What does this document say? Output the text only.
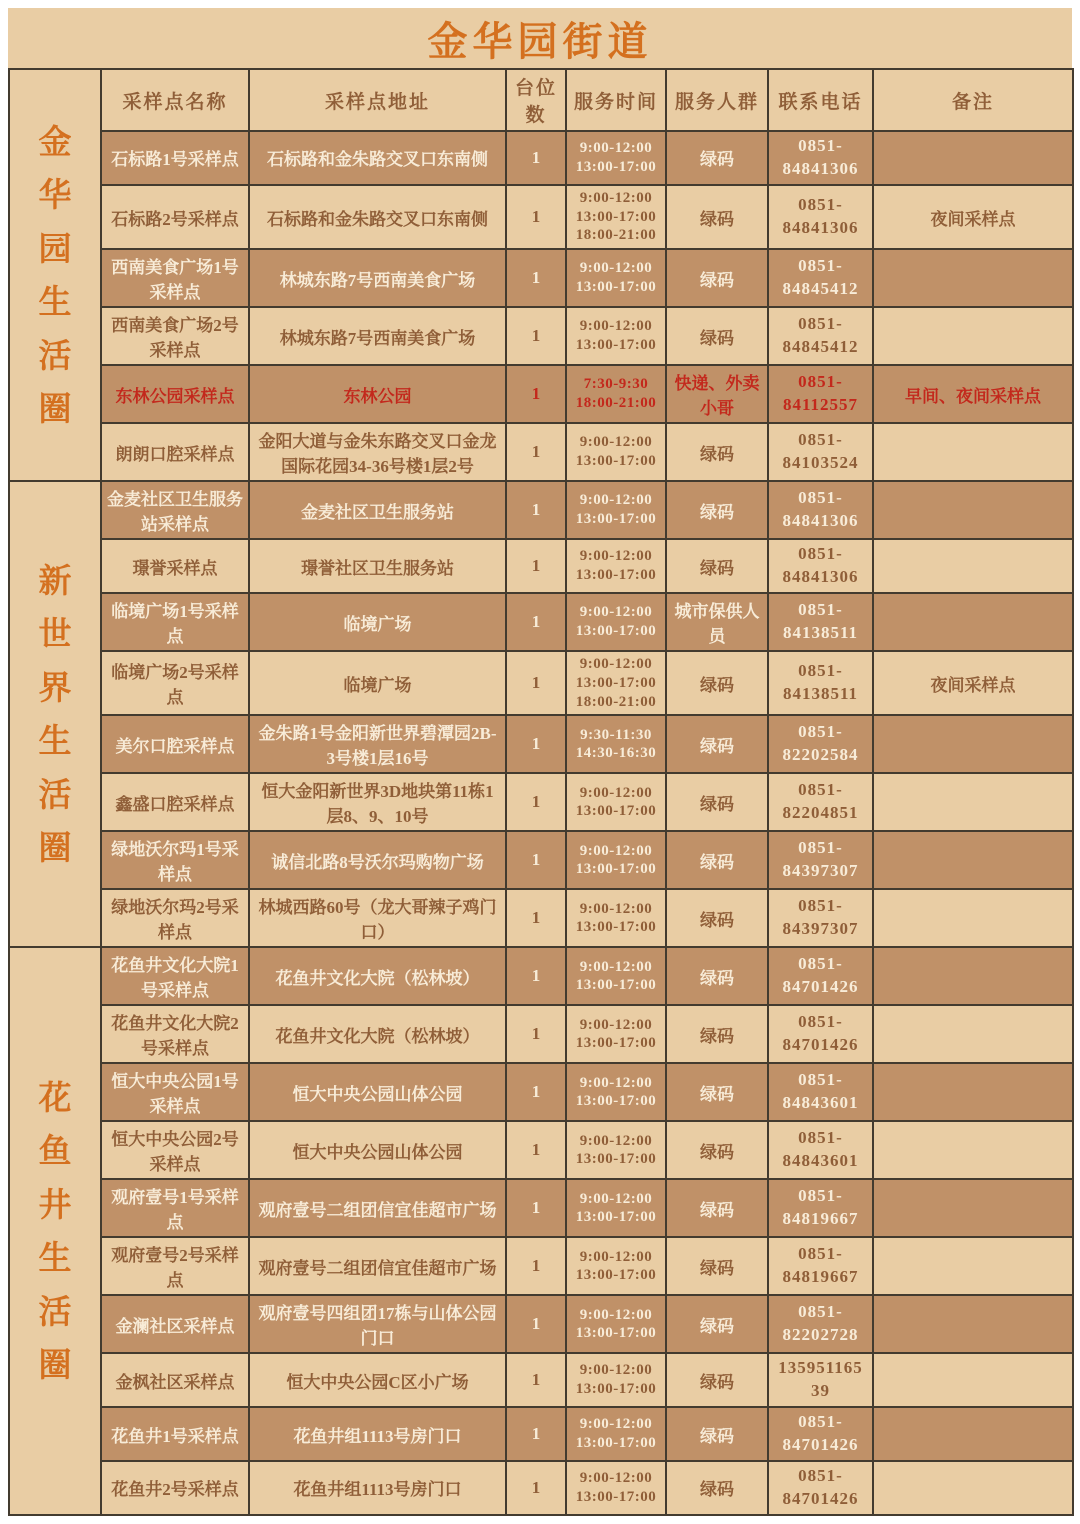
金华园街道
金华园生活圈	采样点名称	采样点地址	台位数	服务时间	服务人群	联系电话	备注
	石标路1号采样点	石标路和金朱路交叉口东南侧	1	9:00-12:00
13:00-17:00	绿码	0851-84841306	
	石标路2号采样点	石标路和金朱路交叉口东南侧	1	9:00-12:00
13:00-17:00
18:00-21:00	绿码	0851-84841306	夜间采样点
	西南美食广场1号采样点	林城东路7号西南美食广场	1	9:00-12:00
13:00-17:00	绿码	0851-84845412	
	西南美食广场2号采样点	林城东路7号西南美食广场	1	9:00-12:00
13:00-17:00	绿码	0851-84845412	
	东林公园采样点	东林公园	1	7:30-9:30
18:00-21:00	快递、外卖小哥	0851-84112557	早间、夜间采样点
	朗朗口腔采样点	金阳大道与金朱东路交叉口金龙国际花园34-36号楼1层2号	1	9:00-12:00
13:00-17:00	绿码	0851-84103524	
新世界生活圈	金麦社区卫生服务站采样点	金麦社区卫生服务站	1	9:00-12:00
13:00-17:00	绿码	0851-84841306	
	璟誉采样点	璟誉社区卫生服务站	1	9:00-12:00
13:00-17:00	绿码	0851-84841306	
	临境广场1号采样点	临境广场	1	9:00-12:00
13:00-17:00	城市保供人员	0851-84138511	
	临境广场2号采样点	临境广场	1	9:00-12:00
13:00-17:00
18:00-21:00	绿码	0851-84138511	夜间采样点
	美尔口腔采样点	金朱路1号金阳新世界碧潭园2B-3号楼1层16号	1	9:30-11:30
14:30-16:30	绿码	0851-82202584	
	鑫盛口腔采样点	恒大金阳新世界3D地块第11栋1层8、9、10号	1	9:00-12:00
13:00-17:00	绿码	0851-82204851	
	绿地沃尔玛1号采样点	诚信北路8号沃尔玛购物广场	1	9:00-12:00
13:00-17:00	绿码	0851-84397307	
	绿地沃尔玛2号采样点	林城西路60号（龙大哥辣子鸡门口）	1	9:00-12:00
13:00-17:00	绿码	0851-84397307	
花鱼井生活圈	花鱼井文化大院1号采样点	花鱼井文化大院（松林坡）	1	9:00-12:00
13:00-17:00	绿码	0851-84701426	
	花鱼井文化大院2号采样点	花鱼井文化大院（松林坡）	1	9:00-12:00
13:00-17:00	绿码	0851-84701426	
	恒大中央公园1号采样点	恒大中央公园山体公园	1	9:00-12:00
13:00-17:00	绿码	0851-84843601	
	恒大中央公园2号采样点	恒大中央公园山体公园	1	9:00-12:00
13:00-17:00	绿码	0851-84843601	
	观府壹号1号采样点	观府壹号二组团信宜佳超市广场	1	9:00-12:00
13:00-17:00	绿码	0851-84819667	
	观府壹号2号采样点	观府壹号二组团信宜佳超市广场	1	9:00-12:00
13:00-17:00	绿码	0851-84819667	
	金澜社区采样点	观府壹号四组团17栋与山体公园门口	1	9:00-12:00
13:00-17:00	绿码	0851-82202728	
	金枫社区采样点	恒大中央公园C区小广场	1	9:00-12:00
13:00-17:00	绿码	13595116539	
	花鱼井1号采样点	花鱼井组1113号房门口	1	9:00-12:00
13:00-17:00	绿码	0851-84701426	
	花鱼井2号采样点	花鱼井组1113号房门口	1	9:00-12:00
13:00-17:00	绿码	0851-84701426	
